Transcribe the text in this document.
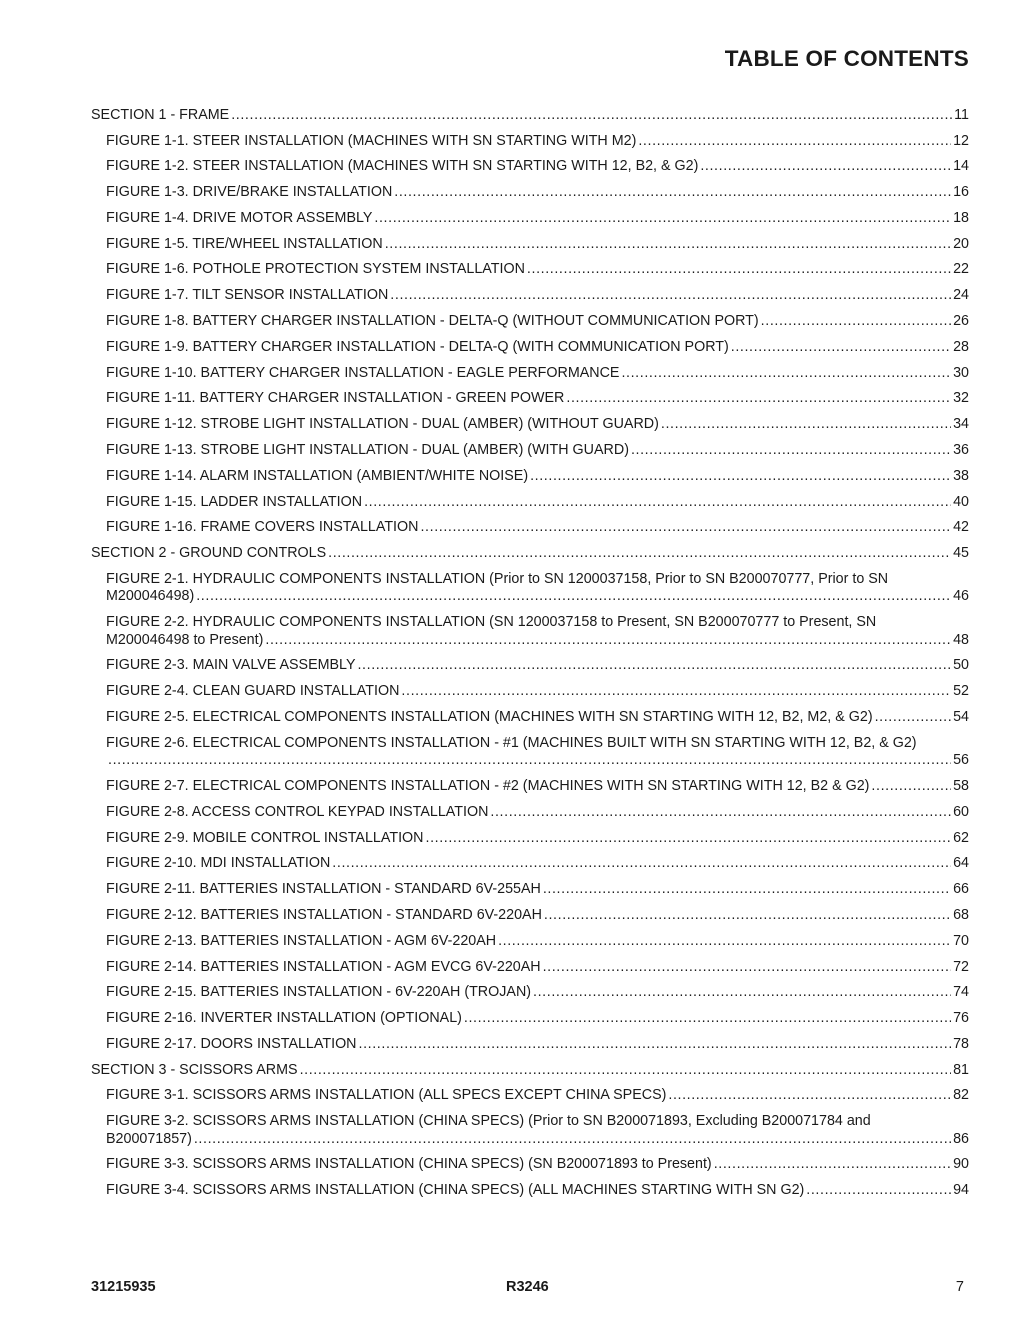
TABLE OF CONTENTS
SECTION 1 - FRAME .....	11
FIGURE 1-1. STEER INSTALLATION (MACHINES WITH SN STARTING WITH M2) .....	12
FIGURE 1-2. STEER INSTALLATION (MACHINES WITH SN STARTING WITH 12, B2, & G2) .....	14
FIGURE 1-3. DRIVE/BRAKE INSTALLATION .....	16
FIGURE 1-4. DRIVE MOTOR ASSEMBLY .....	18
FIGURE 1-5. TIRE/WHEEL INSTALLATION .....	20
FIGURE 1-6. POTHOLE PROTECTION SYSTEM INSTALLATION .....	22
FIGURE 1-7. TILT SENSOR INSTALLATION .....	24
FIGURE 1-8. BATTERY CHARGER INSTALLATION - DELTA-Q (WITHOUT COMMUNICATION PORT) .....	26
FIGURE 1-9. BATTERY CHARGER INSTALLATION - DELTA-Q (WITH COMMUNICATION PORT) .....	28
FIGURE 1-10. BATTERY CHARGER INSTALLATION - EAGLE PERFORMANCE .....	30
FIGURE 1-11. BATTERY CHARGER INSTALLATION - GREEN POWER .....	32
FIGURE 1-12. STROBE LIGHT INSTALLATION - DUAL (AMBER) (WITHOUT GUARD) .....	34
FIGURE 1-13. STROBE LIGHT INSTALLATION - DUAL (AMBER) (WITH GUARD) .....	36
FIGURE 1-14. ALARM INSTALLATION (AMBIENT/WHITE NOISE) .....	38
FIGURE 1-15. LADDER INSTALLATION .....	40
FIGURE 1-16. FRAME COVERS INSTALLATION .....	42
SECTION 2 - GROUND CONTROLS .....	45
FIGURE 2-1. HYDRAULIC COMPONENTS INSTALLATION (Prior to SN 1200037158, Prior to SN B200070777, Prior to SN
M200046498) .....	46
FIGURE 2-2. HYDRAULIC COMPONENTS INSTALLATION (SN 1200037158 to Present, SN B200070777 to Present, SN
M200046498 to Present) .....	48
FIGURE 2-3. MAIN VALVE ASSEMBLY .....	50
FIGURE 2-4. CLEAN GUARD INSTALLATION .....	52
FIGURE 2-5. ELECTRICAL COMPONENTS INSTALLATION (MACHINES WITH SN STARTING WITH 12, B2, M2, & G2) .....	54
FIGURE 2-6. ELECTRICAL COMPONENTS INSTALLATION - #1 (MACHINES BUILT WITH SN STARTING WITH 12, B2, & G2)
.....
56
FIGURE 2-7. ELECTRICAL COMPONENTS INSTALLATION - #2 (MACHINES WITH SN STARTING WITH 12, B2 & G2) .....	58
FIGURE 2-8. ACCESS CONTROL KEYPAD INSTALLATION .....	60
FIGURE 2-9. MOBILE CONTROL INSTALLATION .....	62
FIGURE 2-10. MDI INSTALLATION .....	64
FIGURE 2-11. BATTERIES INSTALLATION - STANDARD 6V-255AH .....	66
FIGURE 2-12. BATTERIES INSTALLATION - STANDARD 6V-220AH .....	68
FIGURE 2-13. BATTERIES INSTALLATION - AGM 6V-220AH .....	70
FIGURE 2-14. BATTERIES INSTALLATION - AGM EVCG 6V-220AH .....	72
FIGURE 2-15. BATTERIES INSTALLATION - 6V-220AH (TROJAN) .....	74
FIGURE 2-16. INVERTER INSTALLATION (OPTIONAL) .....	76
FIGURE 2-17. DOORS INSTALLATION .....	78
SECTION 3 - SCISSORS ARMS .....	81
FIGURE 3-1. SCISSORS ARMS INSTALLATION (ALL SPECS EXCEPT CHINA SPECS) .....	82
FIGURE 3-2. SCISSORS ARMS INSTALLATION (CHINA SPECS) (Prior to SN B200071893, Excluding B200071784 and
B200071857) .....	86
FIGURE 3-3. SCISSORS ARMS INSTALLATION (CHINA SPECS) (SN B200071893 to Present) .....	90
FIGURE 3-4. SCISSORS ARMS INSTALLATION (CHINA SPECS) (ALL MACHINES STARTING WITH SN G2) .....	94
31215935	R3246	7
